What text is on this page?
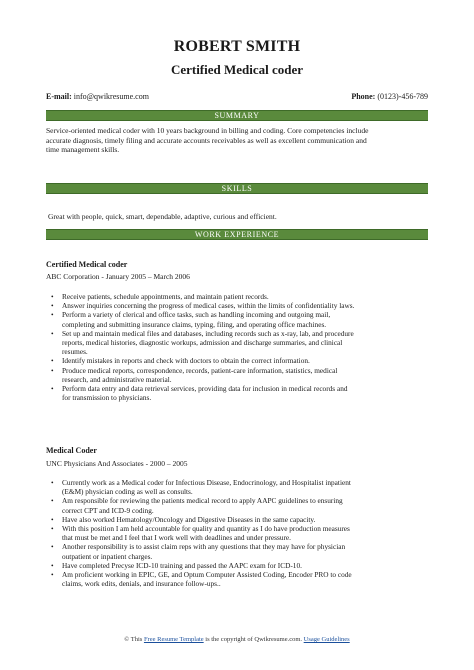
ROBERT SMITH
Certified Medical coder
E-mail: info@qwikresume.com	Phone: (0123)-456-789
SUMMARY
Service-oriented medical coder with 10 years background in billing and coding. Core competencies include
accurate diagnosis, timely filing and accurate accounts receivables as well as excellent communication and
time management skills.
SKILLS
Great with people, quick, smart, dependable, adaptive, curious and efficient.
WORK EXPERIENCE
Certified Medical coder
ABC Corporation - January 2005 – March 2006
• Receive patients, schedule appointments, and maintain patient records.
• Answer inquiries concerning the progress of medical cases, within the limits of confidentiality laws.
• Perform a variety of clerical and office tasks, such as handling incoming and outgoing mail,
completing and submitting insurance claims, typing, filing, and operating office machines.
• Set up and maintain medical files and databases, including records such as x-ray, lab, and procedure
reports, medical histories, diagnostic workups, admission and discharge summaries, and clinical
resumes.
• Identify mistakes in reports and check with doctors to obtain the correct information.
• Produce medical reports, correspondence, records, patient-care information, statistics, medical
research, and administrative material.
• Perform data entry and data retrieval services, providing data for inclusion in medical records and
for transmission to physicians.
Medical Coder
UNC Physicians And Associates - 2000 – 2005
• Currently work as a Medical coder for Infectious Disease, Endocrinology, and Hospitalist inpatient
(E&M) physician coding as well as consults.
• Am responsible for reviewing the patients medical record to apply AAPC guidelines to ensuring
correct CPT and ICD-9 coding.
• Have also worked Hematology/Oncology and Digestive Diseases in the same capacity.
• With this position I am held accountable for quality and quantity as I do have production measures
that must be met and I feel that I work well with deadlines and under pressure.
• Another responsibility is to assist claim reps with any questions that they may have for physician
outpatient or inpatient charges.
• Have completed Precyse ICD-10 training and passed the AAPC exam for ICD-10.
• Am proficient working in EPIC, GE, and Optum Computer Assisted Coding, Encoder PRO to code
claims, work edits, denials, and insurance follow-ups..
© This Free Resume Template is the copyright of Qwikresume.com. Usage Guidelines
